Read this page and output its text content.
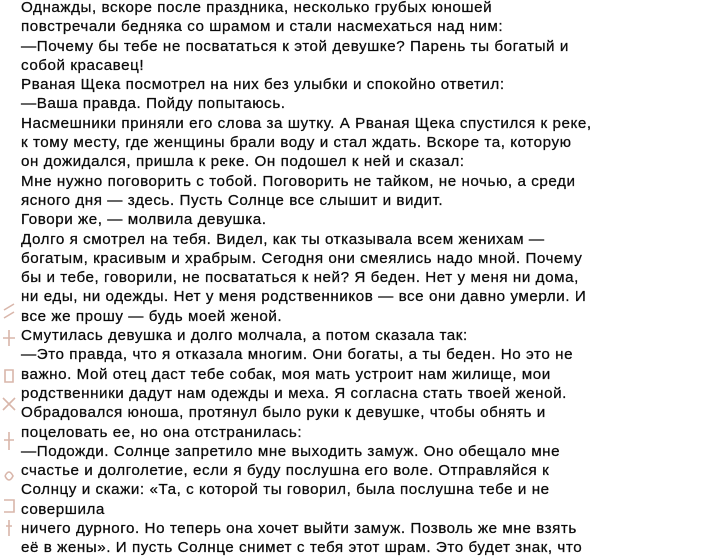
Однажды, вскоре после праздника, несколько грубых юношей
повстречали бедняка со шрамом и стали насмехаться над ним:
—Почему бы тебе не посвататься к этой девушке? Парень ты богатый и
собой красавец!
Рваная Щека посмотрел на них без улыбки и спокойно ответил:
—Ваша правда. Пойду попытаюсь.
Насмешники приняли его слова за шутку. А Рваная Щека спустился к реке,
к тому месту, где женщины брали воду и стал ждать. Вскоре та, которую
он дожидался, пришла к реке. Он подошел к ней и сказал:
Мне нужно поговорить с тобой. Поговорить не тайком, не ночью, а среди
ясного дня — здесь. Пусть Солнце все слышит и видит.
Говори же, — молвила девушка.
Долго я смотрел на тебя. Видел, как ты отказывала всем женихам —
богатым, красивым и храбрым. Сегодня они смеялись надо мной. Почему
бы и тебе, говорили, не посвататься к ней? Я беден. Нет у меня ни дома,
ни еды, ни одежды. Нет у меня родственников — все они давно умерли. И
все же прошу — будь моей женой.
Смутилась девушка и долго молчала, а потом сказала так:
—Это правда, что я отказала многим. Они богаты, а ты беден. Но это не
важно. Мой отец даст тебе собак, моя мать устроит нам жилище, мои
родственники дадут нам одежды и меха. Я согласна стать твоей женой.
Обрадовался юноша, протянул было руки к девушке, чтобы обнять и
поцеловать ее, но она отстранилась:
—Подожди. Солнце запретило мне выходить замуж. Оно обещало мне
счастье и долголетие, если я буду послушна его воле. Отправляйся к
Солнцу и скажи: «Та, с которой ты говорил, была послушна тебе и не
совершила
ничего дурного. Но теперь она хочет выйти замуж. Позволь же мне взять
её в жены». И пусть Солнце снимет с тебя этот шрам. Это будет знак, что
